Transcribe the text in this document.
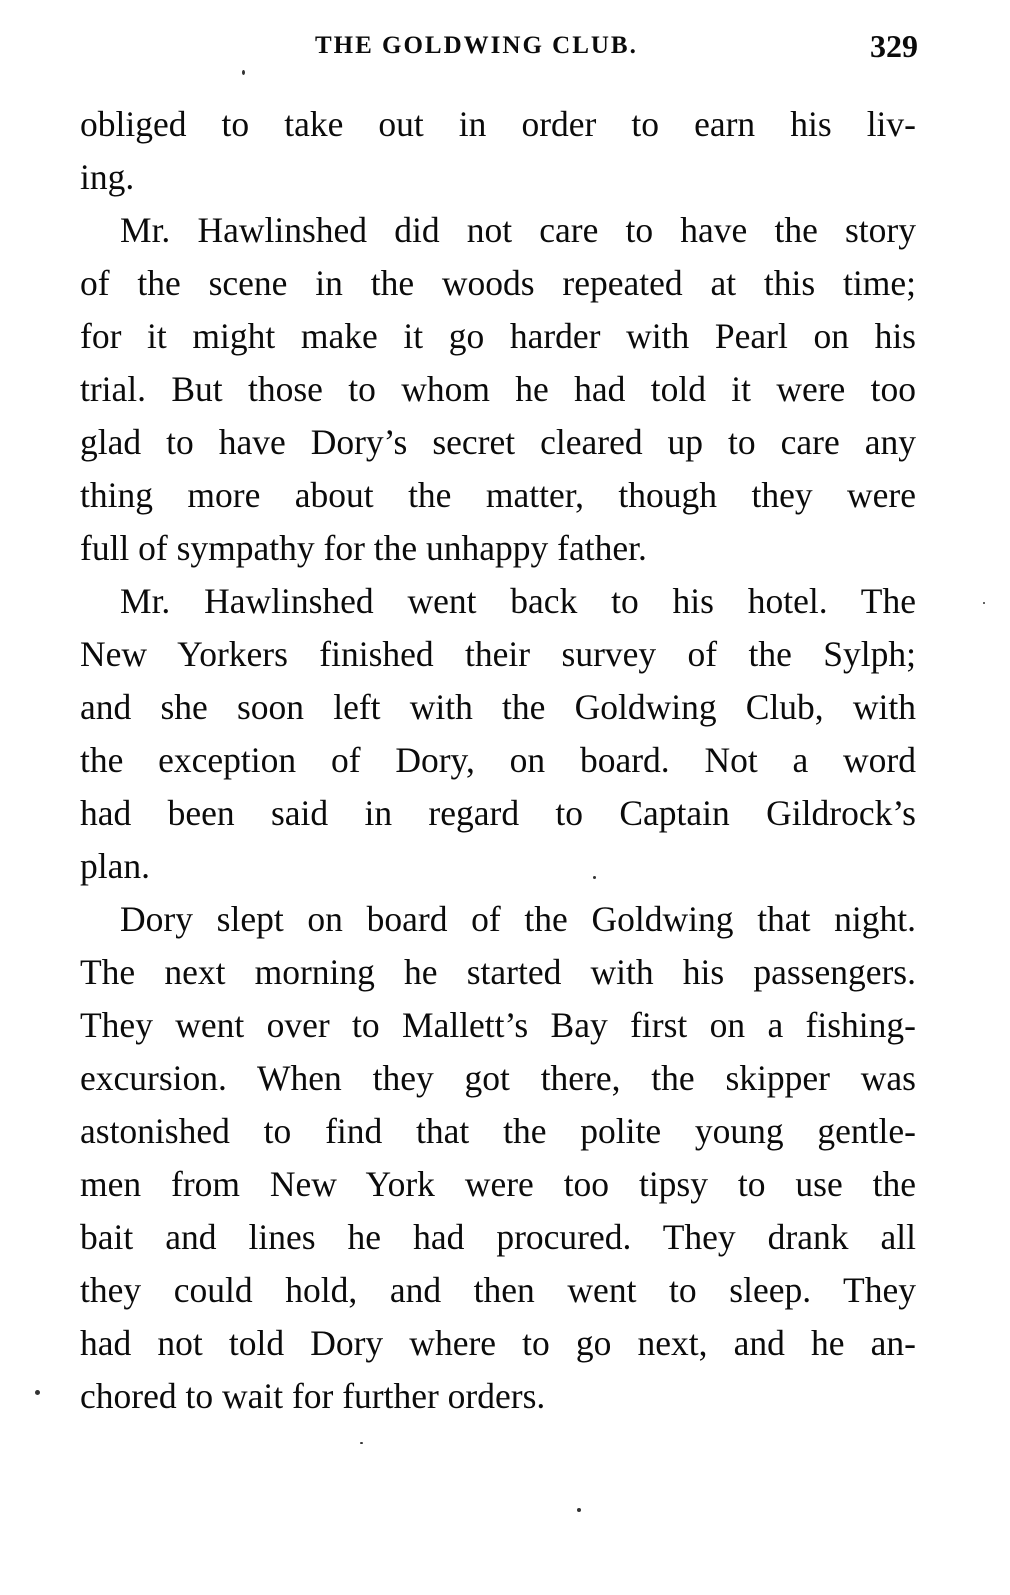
THE GOLDWING CLUB.	329
obliged to take out in order to earn his liv-
ing.
Mr. Hawlinshed did not care to have the story
of the scene in the woods repeated at this time;
for it might make it go harder with Pearl on his
trial. But those to whom he had told it were too
glad to have Dory’s secret cleared up to care any
thing more about the matter, though they were
full of sympathy for the unhappy father.
Mr. Hawlinshed went back to his hotel. The
New Yorkers finished their survey of the Sylph;
and she soon left with the Goldwing Club, with
the exception of Dory, on board. Not a word
had been said in regard to Captain Gildrock’s
plan.
Dory slept on board of the Goldwing that night.
The next morning he started with his passengers.
They went over to Mallett’s Bay first on a fishing-
excursion. When they got there, the skipper was
astonished to find that the polite young gentle-
men from New York were too tipsy to use the
bait and lines he had procured. They drank all
they could hold, and then went to sleep. They
had not told Dory where to go next, and he an-
chored to wait for further orders.
